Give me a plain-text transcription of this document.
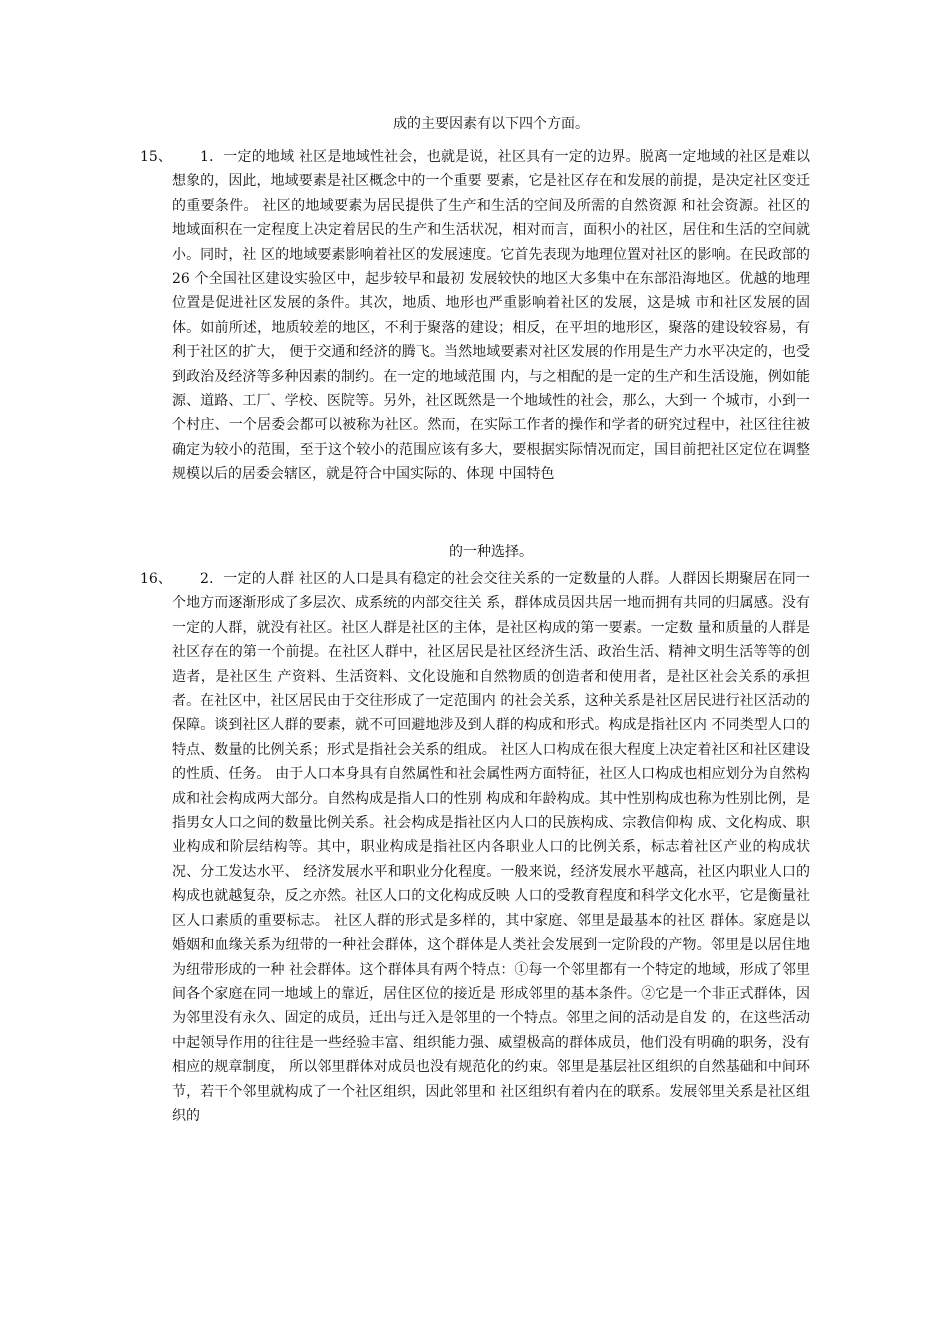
成的主要因素有以下四个方面。

15、	1．一定的地域 社区是地域性社会，也就是说，社区具有一定的边界。脱离一定地域的社区是难以想象的，因此，地域要素是社区概念中的一个重要 要素，它是社区存在和发展的前提，是决定社区变迁的重要条件。 社区的地域要素为居民提供了生产和生活的空间及所需的自然资源 和社会资源。社区的地域面积在一定程度上决定着居民的生产和生活状况，相对而言，面积小的社区，居住和生活的空间就小。同时，社 区的地域要素影响着社区的发展速度。它首先表现为地理位置对社区的影响。在民政部的 26 个全国社区建设实验区中，起步较早和最初 发展较快的地区大多集中在东部沿海地区。优越的地理位置是促进社区发展的条件。其次，地质、地形也严重影响着社区的发展，这是城 市和社区发展的固体。如前所述，地质较差的地区，不利于聚落的建设；相反，在平坦的地形区，聚落的建设较容易，有利于社区的扩大， 便于交通和经济的腾飞。当然地域要素对社区发展的作用是生产力水平决定的，也受到政治及经济等多种因素的制约。在一定的地域范围 内，与之相配的是一定的生产和生活设施，例如能源、道路、工厂、学校、医院等。另外，社区既然是一个地域性的社会，那么，大到一 个城市，小到一个村庄、一个居委会都可以被称为社区。然而，在实际工作者的操作和学者的研究过程中，社区往往被确定为较小的范围，至于这个较小的范围应该有多大，要根据实际情况而定，国目前把社区定位在调整规模以后的居委会辖区，就是符合中国实际的、体现 中国特色

的一种选择。

16、	2．一定的人群 社区的人口是具有稳定的社会交往关系的一定数量的人群。人群因长期聚居在同一个地方而逐渐形成了多层次、成系统的内部交往关 系，群体成员因共居一地而拥有共同的归属感。没有一定的人群，就没有社区。社区人群是社区的主体，是社区构成的第一要素。一定数 量和质量的人群是社区存在的第一个前提。在社区人群中，社区居民是社区经济生活、政治生活、精神文明生活等等的创造者，是社区生 产资料、生活资料、文化设施和自然物质的创造者和使用者，是社区社会关系的承担者。在社区中，社区居民由于交往形成了一定范围内 的社会关系，这种关系是社区居民进行社区活动的保障。谈到社区人群的要素，就不可回避地涉及到人群的构成和形式。构成是指社区内 不同类型人口的特点、数量的比例关系；形式是指社会关系的组成。 社区人口构成在很大程度上决定着社区和社区建设的性质、任务。 由于人口本身具有自然属性和社会属性两方面特征，社区人口构成也相应划分为自然构成和社会构成两大部分。自然构成是指人口的性别 构成和年龄构成。其中性别构成也称为性别比例，是指男女人口之间的数量比例关系。社会构成是指社区内人口的民族构成、宗教信仰构 成、文化构成、职业构成和阶层结构等。其中，职业构成是指社区内各职业人口的比例关系，标志着社区产业的构成状况、分工发达水平、 经济发展水平和职业分化程度。一般来说，经济发展水平越高，社区内职业人口的构成也就越复杂，反之亦然。社区人口的文化构成反映 人口的受教育程度和科学文化水平，它是衡量社区人口素质的重要标志。 社区人群的形式是多样的，其中家庭、邻里是最基本的社区 群体。家庭是以婚姻和血缘关系为纽带的一种社会群体，这个群体是人类社会发展到一定阶段的产物。邻里是以居住地为纽带形成的一种 社会群体。这个群体具有两个特点：①每一个邻里都有一个特定的地域，形成了邻里间各个家庭在同一地域上的靠近，居住区位的接近是 形成邻里的基本条件。②它是一个非正式群体，因为邻里没有永久、固定的成员，迁出与迁入是邻里的一个特点。邻里之间的活动是自发 的，在这些活动中起领导作用的往往是一些经验丰富、组织能力强、威望极高的群体成员，他们没有明确的职务，没有相应的规章制度， 所以邻里群体对成员也没有规范化的约束。邻里是基层社区组织的自然基础和中间环节，若干个邻里就构成了一个社区组织，因此邻里和 社区组织有着内在的联系。发展邻里关系是社区组织的
